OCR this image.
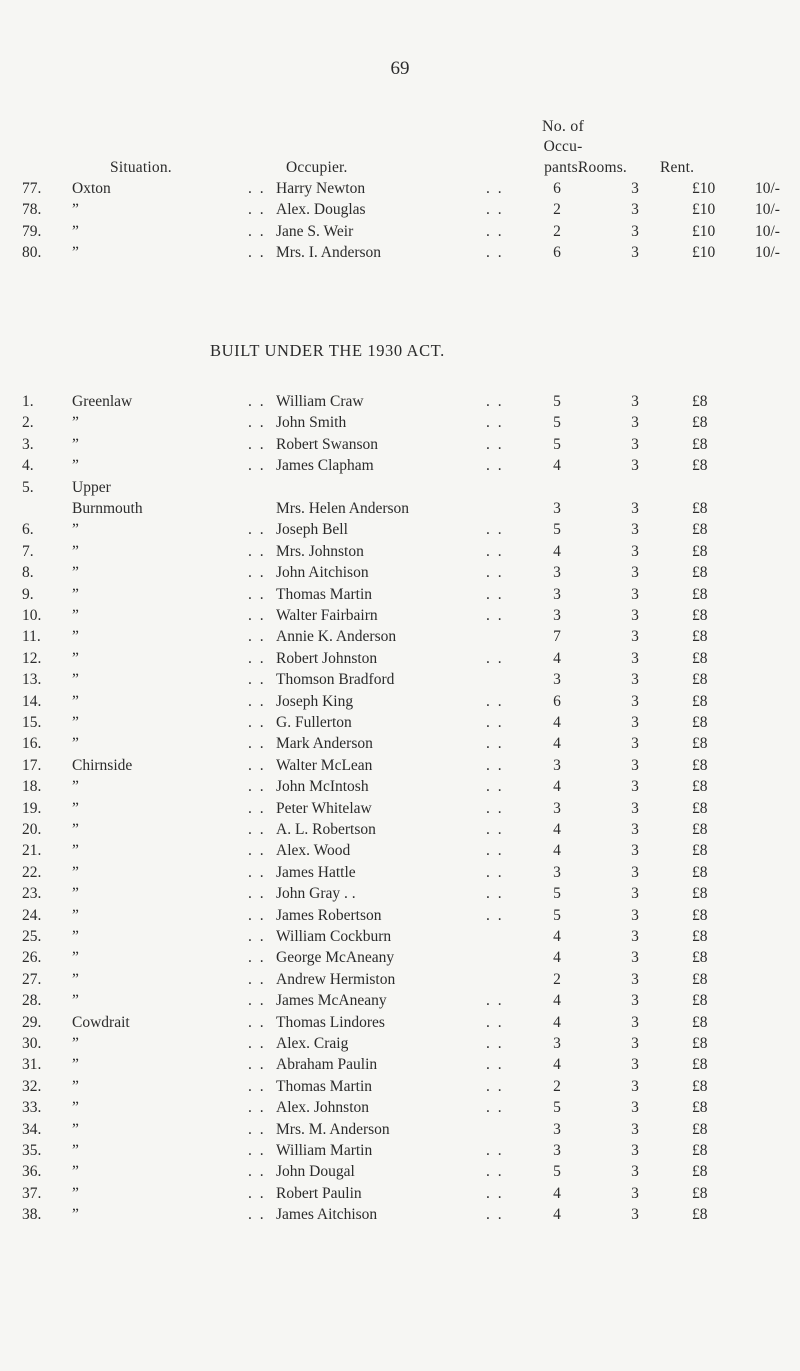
69
No. of
Occu-
Situation.	Occupier.	pants.
Rooms. Rent.
77.	Oxton	. . Harry Newton	. .	6	3	£10	10/-
78.	”	. . Alex. Douglas	. .	2	3	£10	10/-
79.	”	. . Jane S. Weir	. .	2	3	£10	10/-
80.	”	. . Mrs. I. Anderson	. .	6	3	£10	10/-
BUILT UNDER THE 1930 ACT.
1.	Greenlaw	. . William Craw	. .	5	3	£8
2.	”	. . John Smith	. .	5	3	£8
3.	”	. . Robert Swanson	. .	5	3	£8
4.	”	. . James Clapham	. .	4	3	£8
5.	Upper
Burnmouth	Mrs. Helen Anderson	3	3	£8
6.	”	. . Joseph Bell	. .	5	3	£8
7.	”	. . Mrs. Johnston	. .	4	3	£8
8.	”	. . John Aitchison	. .	3	3	£8
9.	”	. . Thomas Martin	. .	3	3	£8
10.	”	. . Walter Fairbairn	. .	3	3	£8
11.	”	. . Annie K. Anderson	7	3	£8
12.	”	. . Robert Johnston	. .	4	3	£8
13.	”	. . Thomson Bradford	3	3	£8
14.	”	. . Joseph King	. .	6	3	£8
15.	”	. . G. Fullerton	. .	4	3	£8
16.	”	. . Mark Anderson	. .	4	3	£8
17.	Chirnside	. . Walter McLean	. .	3	3	£8
18.	”	. . John McIntosh	. .	4	3	£8
19.	”	. . Peter Whitelaw	. .	3	3	£8
20.	”	. . A. L. Robertson	. .	4	3	£8
21.	”	. . Alex. Wood	. .	4	3	£8
22.	”	. . James Hattle	. .	3	3	£8
23.	”	. . John Gray . .	. .	5	3	£8
24.	”	. . James Robertson	. .	5	3	£8
25.	”	. . William Cockburn	4	3	£8
26.	”	. . George McAneany	4	3	£8
27.	”	. . Andrew Hermiston	2	3	£8
28.	”	. . James McAneany	. .	4	3	£8
29.	Cowdrait	. . Thomas Lindores	. .	4	3	£8
30.	”	. . Alex. Craig	. .	3	3	£8
31.	”	. . Abraham Paulin	. .	4	3	£8
32.	”	. . Thomas Martin	. .	2	3	£8
33.	”	. . Alex. Johnston	. .	5	3	£8
34.	”	. . Mrs. M. Anderson	3	3	£8
35.	”	. . William Martin	. .	3	3	£8
36.	”	. . John Dougal	. .	5	3	£8
37.	”	. . Robert Paulin	. .	4	3	£8
38.	”	. . James Aitchison	. .	4	3	£8
